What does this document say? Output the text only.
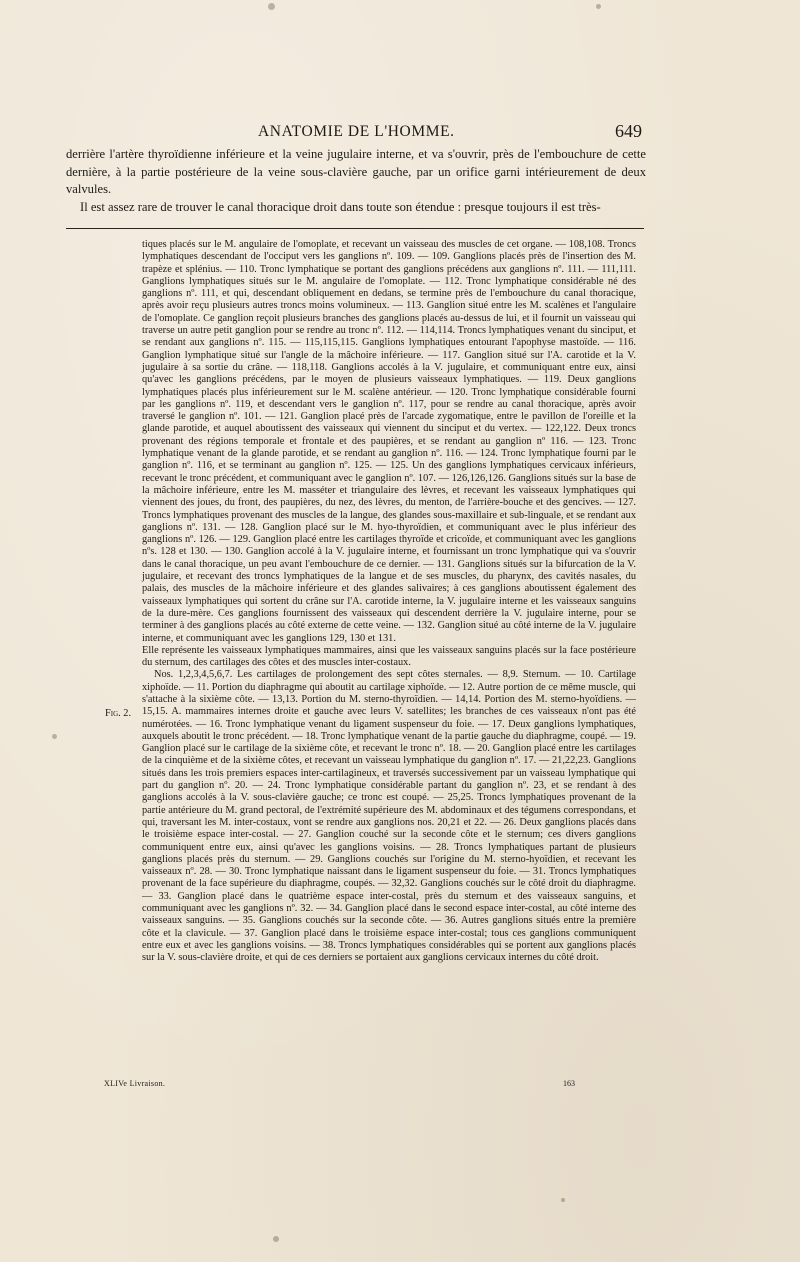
ANATOMIE DE L'HOMME.	649

derrière l'artère thyroïdienne inférieure et la veine jugulaire interne, et va s'ouvrir, près de l'embouchure de cette dernière, à la partie postérieure de la veine sous-clavière gauche, par un orifice garni intérieurement de deux valvules.

Il est assez rare de trouver le canal thoracique droit dans toute son étendue : presque toujours il est très-

tiques placés sur le M. angulaire de l'omoplate, et recevant un vaisseau des muscles de cet organe. — 108,108. Troncs lymphatiques descendant de l'occiput vers les ganglions nº. 109. — 109. Ganglions placés près de l'insertion des M. trapèze et splénius. — 110. Tronc lymphatique se portant des ganglions précédens aux ganglions nº. 111. — 111,111. Ganglions lymphatiques situés sur le M. angulaire de l'omoplate. — 112. Tronc lymphatique considérable né des ganglions nº. 111, et qui, descendant obliquement en dedans, se termine près de l'embouchure du canal thoracique, après avoir reçu plusieurs autres troncs moins volumineux. — 113. Ganglion situé entre les M. scalènes et l'angulaire de l'omoplate. Ce ganglion reçoit plusieurs branches des ganglions placés au-dessus de lui, et il fournit un vaisseau qui traverse un autre petit ganglion pour se rendre au tronc nº. 112. — 114,114. Troncs lymphatiques venant du sinciput, et se rendant aux ganglions nº. 115. — 115,115,115. Ganglions lymphatiques entourant l'apophyse mastoïde. — 116. Ganglion lymphatique situé sur l'angle de la mâchoire inférieure. — 117. Ganglion situé sur l'A. carotide et la V. jugulaire à sa sortie du crâne. — 118,118. Ganglions accolés à la V. jugulaire, et communiquant entre eux, ainsi qu'avec les ganglions précédens, par le moyen de plusieurs vaisseaux lymphatiques. — 119. Deux ganglions lymphatiques placés plus inférieurement sur le M. scalène antérieur. — 120. Tronc lymphatique considérable fourni par les ganglions nº. 119, et descendant vers le ganglion nº. 117, pour se rendre au canal thoracique, après avoir traversé le ganglion nº. 101. — 121. Ganglion placé près de l'arcade zygomatique, entre le pavillon de l'oreille et la glande parotide, et auquel aboutissent des vaisseaux qui viennent du sinciput et du vertex. — 122,122. Deux troncs provenant des régions temporale et frontale et des paupières, et se rendant au ganglion nº 116. — 123. Tronc lymphatique venant de la glande parotide, et se rendant au ganglion nº. 116. — 124. Tronc lymphatique fourni par le ganglion nº. 116, et se terminant au ganglion nº. 125. — 125. Un des ganglions lymphatiques cervicaux inférieurs, recevant le tronc précédent, et communiquant avec le ganglion nº. 107. — 126,126,126. Ganglions situés sur la base de la mâchoire inférieure, entre les M. masséter et triangulaire des lèvres, et recevant les vaisseaux lymphatiques qui viennent des joues, du front, des paupières, du nez, des lèvres, du menton, de l'arrière-bouche et des gencives. — 127. Troncs lymphatiques provenant des muscles de la langue, des glandes sous-maxillaire et sub-linguale, et se rendant aux ganglions nº. 131. — 128. Ganglion placé sur le M. hyo-thyroïdien, et communiquant avec le plus inférieur des ganglions nº. 126. — 129. Ganglion placé entre les cartilages thyroïde et cricoïde, et communiquant avec les ganglions nºs. 128 et 130. — 130. Ganglion accolé à la V. jugulaire interne, et fournissant un tronc lymphatique qui va s'ouvrir dans le canal thoracique, un peu avant l'embouchure de ce dernier. — 131. Ganglions situés sur la bifurcation de la V. jugulaire, et recevant des troncs lymphatiques de la langue et de ses muscles, du pharynx, des cavités nasales, du palais, des muscles de la mâchoire inférieure et des glandes salivaires; à ces ganglions aboutissent également des vaisseaux lymphatiques qui sortent du crâne sur l'A. carotide interne, la V. jugulaire interne et les vaisseaux sanguins de la dure-mère. Ces ganglions fournissent des vaisseaux qui descendent derrière la V. jugulaire interne, pour se terminer à des ganglions placés au côté externe de cette veine. — 132. Ganglion situé au côté interne de la V. jugulaire interne, et communiquant avec les ganglions 129, 130 et 131.

Elle représente les vaisseaux lymphatiques mammaires, ainsi que les vaisseaux sanguins placés sur la face postérieure du sternum, des cartilages des côtes et des muscles inter-costaux.

Nos. 1,2,3,4,5,6,7. Les cartilages de prolongement des sept côtes sternales. — 8,9. Sternum. — 10. Cartilage xiphoïde. — 11. Portion du diaphragme qui aboutit au cartilage xiphoïde. — 12. Autre portion de ce même muscle, qui s'attache à la sixième côte. — 13,13. Portion du M. sterno-thyroïdien. — 14,14. Portion des M. sterno-hyoïdiens. — 15,15. A. mammaires internes droite et gauche avec leurs V. satellites; les branches de ces vaisseaux n'ont pas été numérotées. — 16. Tronc lymphatique venant du ligament suspenseur du foie. — 17. Deux ganglions lymphatiques, auxquels aboutit le tronc précédent. — 18. Tronc lymphatique venant de la partie gauche du diaphragme, coupé. — 19. Ganglion placé sur le cartilage de la sixième côte, et recevant le tronc nº. 18. — 20. Ganglion placé entre les cartilages de la cinquième et de la sixième côtes, et recevant un vaisseau lymphatique du ganglion nº. 17. — 21,22,23. Ganglions situés dans les trois premiers espaces inter-cartilagineux, et traversés successivement par un vaisseau lymphatique qui part du ganglion nº. 20. — 24. Tronc lymphatique considérable partant du ganglion nº. 23, et se rendant à des ganglions accolés à la V. sous-clavière gauche; ce tronc est coupé. — 25,25. Troncs lymphatiques provenant de la partie antérieure du M. grand pectoral, de l'extrémité supérieure des M. abdominaux et des tégumens correspondans, et qui, traversant les M. inter-costaux, vont se rendre aux ganglions nos. 20,21 et 22. — 26. Deux ganglions placés dans le troisième espace inter-costal. — 27. Ganglion couché sur la seconde côte et le sternum; ces divers ganglions communiquent entre eux, ainsi qu'avec les ganglions voisins. — 28. Troncs lymphatiques partant de plusieurs ganglions placés près du sternum. — 29. Ganglions couchés sur l'origine du M. sterno-hyoïdien, et recevant les vaisseaux nº. 28. — 30. Tronc lymphatique naissant dans le ligament suspenseur du foie. — 31. Troncs lymphatiques provenant de la face supérieure du diaphragme, coupés. — 32,32. Ganglions couchés sur le côté droit du diaphragme. — 33. Ganglion placé dans le quatrième espace inter-costal, près du sternum et des vaisseaux sanguins, et communiquant avec les ganglions nº. 32. — 34. Ganglion placé dans le second espace inter-costal, au côté interne des vaisseaux sanguins. — 35. Ganglions couchés sur la seconde côte. — 36. Autres ganglions situés entre la première côte et la clavicule. — 37. Ganglion placé dans le troisième espace inter-costal; tous ces ganglions communiquent entre eux et avec les ganglions voisins. — 38. Troncs lymphatiques considérables qui se portent aux ganglions placés sur la V. sous-clavière droite, et qui de ces derniers se portaient aux ganglions cervicaux internes du côté droit.

Fig. 2.
XLIVe Livraison.	163
